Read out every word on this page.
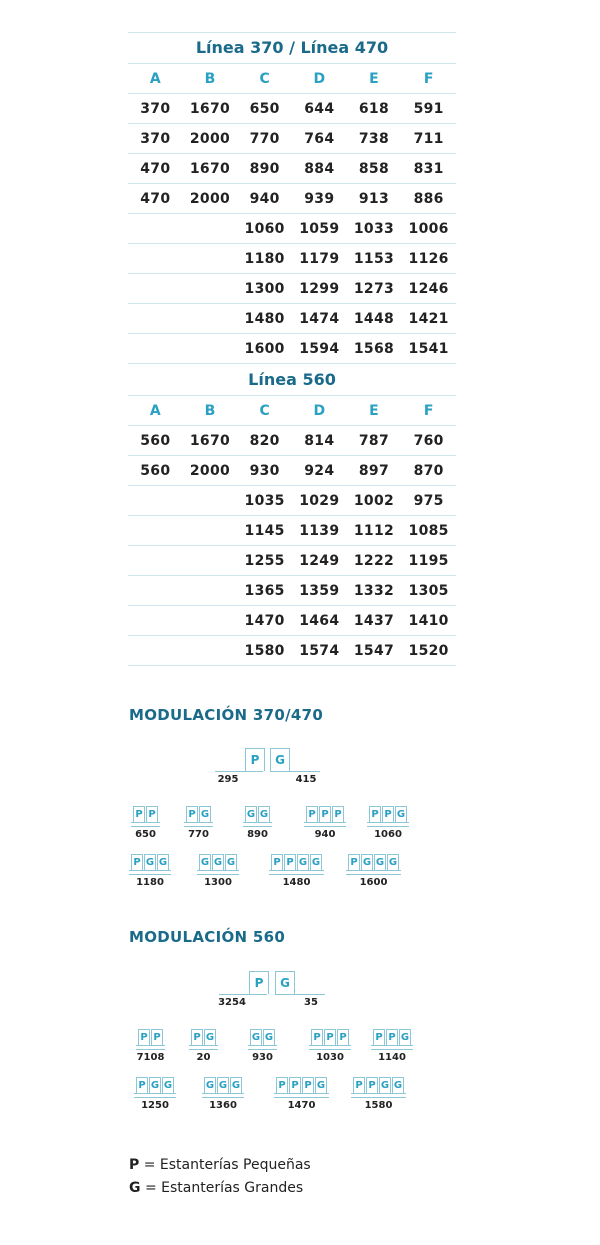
Línea 370 / Línea 470					
A	B	C	D	E	F
370	1670	650	644	618	591
370	2000	770	764	738	711
470	1670	890	884	858	831
470	2000	940	939	913	886
		1060	1059	1033	1006
		1180	1179	1153	1126
		1300	1299	1273	1246
		1480	1474	1448	1421
		1600	1594	1568	1541
Línea 560					
A	B	C	D	E	F
560	1670	820	814	787	760
560	2000	930	924	897	870
		1035	1029	1002	975
		1145	1139	1112	1085
		1255	1249	1222	1195
		1365	1359	1332	1305
		1470	1464	1437	1410
		1580	1574	1547	1520
MODULACIÓN 370/470
P
295
G
415
P P
650
P G
770
G G
890
P P P
940
P P G
1060
P G G
1180
G G G
1300
P P G G
1480
P G G G
1600
MODULACIÓN 560
P
3254
G
35
P P
7108
P G
20
G G
930
P P P
1030
P P G
1140
P G G
1250
G G G
1360
P P P G
1470
P P G G
1580
P = Estanterías Pequeñas
G = Estanterías Grandes
